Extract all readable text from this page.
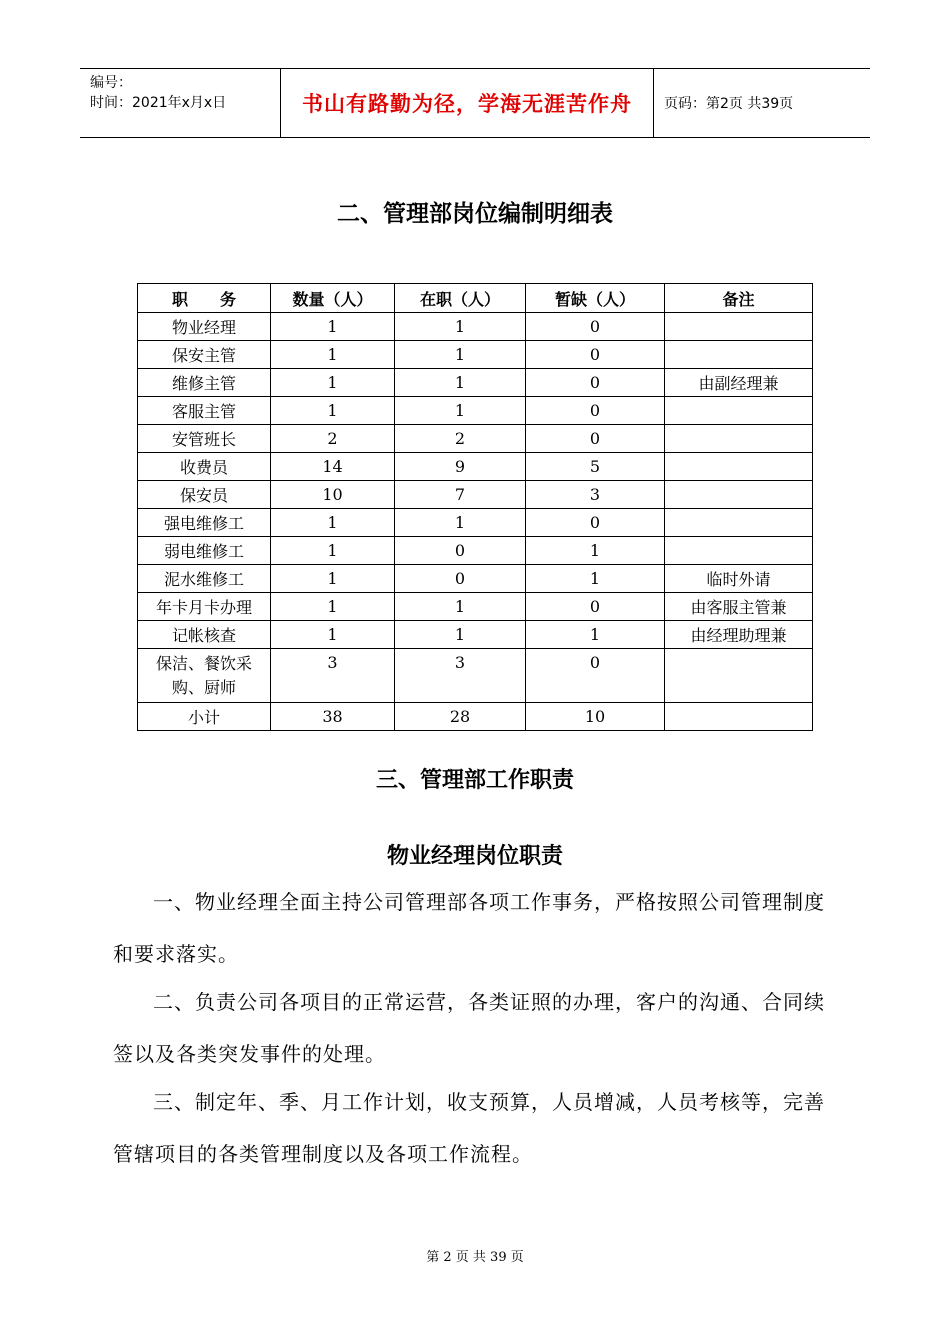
编号：
时间：2021年x月x日	书山有路勤为径，学海无涯苦作舟	页码：第2页 共39页
二、管理部岗位编制明细表
职　　务	数量（人）	在职（人）	暂缺（人）	备注
物业经理	1	1	0	
保安主管	1	1	0	
维修主管	1	1	0	由副经理兼
客服主管	1	1	0	
安管班长	2	2	0	
收费员	14	9	5	
保安员	10	7	3	
强电维修工	1	1	0	
弱电维修工	1	0	1	
泥水维修工	1	0	1	临时外请
年卡月卡办理	1	1	0	由客服主管兼
记帐核查	1	1	1	由经理助理兼
保洁、餐饮采购、厨师	3	3	0	
小计	38	28	10	
三、管理部工作职责
物业经理岗位职责

一、物业经理全面主持公司管理部各项工作事务，严格按照公司管理制度和要求落实。

二、负责公司各项目的正常运营，各类证照的办理，客户的沟通、合同续签以及各类突发事件的处理。

三、制定年、季、月工作计划，收支预算，人员增减，人员考核等，完善管辖项目的各类管理制度以及各项工作流程。

第 2 页 共 39 页
